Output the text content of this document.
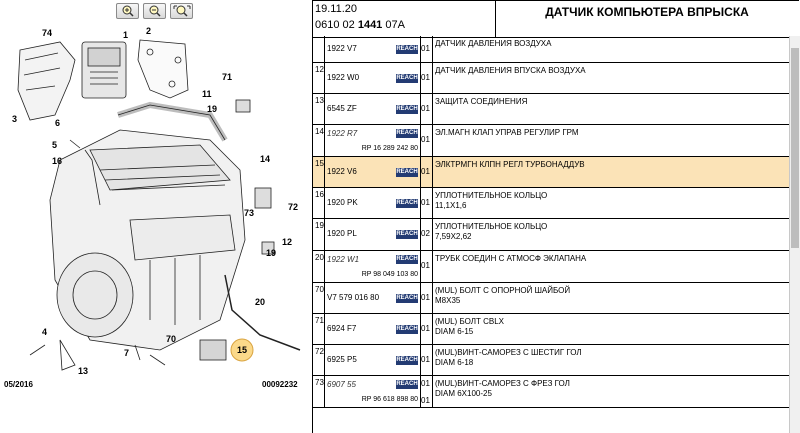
74	1 2
3
71
11
19
6
5
16	14
73
72
12
19
20
4
70
7
13
15
05/2016	00092232
19.11.20
0610 02 1441 07A
ДАТЧИК КОМПЬЮТЕРА ВПРЫСКА
1922 V7	REACH 01
ДАТЧИК ДАВЛЕНИЯ ВОЗДУХА
12
1922 W0	REACH 01
ДАТЧИК ДАВЛЕНИЯ ВПУСКА ВОЗДУХА
13
6545 ZF	REACH 01
ЗАЩИТА СОЕДИНЕНИЯ
14 1922 R7	REACH
RP 16 289 242 80
01
ЭЛ.МАГН КЛАП УПРАВ РЕГУЛИР ГРМ
15
1922 V6	REACH 01
ЭЛКТРМГН КЛПН РЕГЛ ТУРБОНАДДУВ
16
1920 PK	REACH 01
УПЛОТНИТЕЛЬНОЕ КОЛЬЦО
11,1X1,6
19
1920 PL	REACH 02
УПЛОТНИТЕЛЬНОЕ КОЛЬЦО
7,59X2,62
20 1922 W1	REACH
RP 98 049 103 80
01
ТРУБК СОЕДИН С АТМОСФ ЭКЛАПАНА
70
V7 579 016 80	REACH 01
(MUL) БОЛТ С ОПОРНОЙ ШАЙБОЙ
M8X35
71
6924 F7	REACH 01
(MUL) БОЛТ CBLX
DIAM 6-15
72
6925 P5	REACH 01
(MUL)ВИНТ-САМОРЕЗ С ШЕСТИГ ГОЛ
DIAM 6-18
73 6907 55	REACH
RP 96 618 898 80
01
01
(MUL)ВИНТ-САМОРЕЗ С ФРЕЗ ГОЛ
DIAM 6X100-25
